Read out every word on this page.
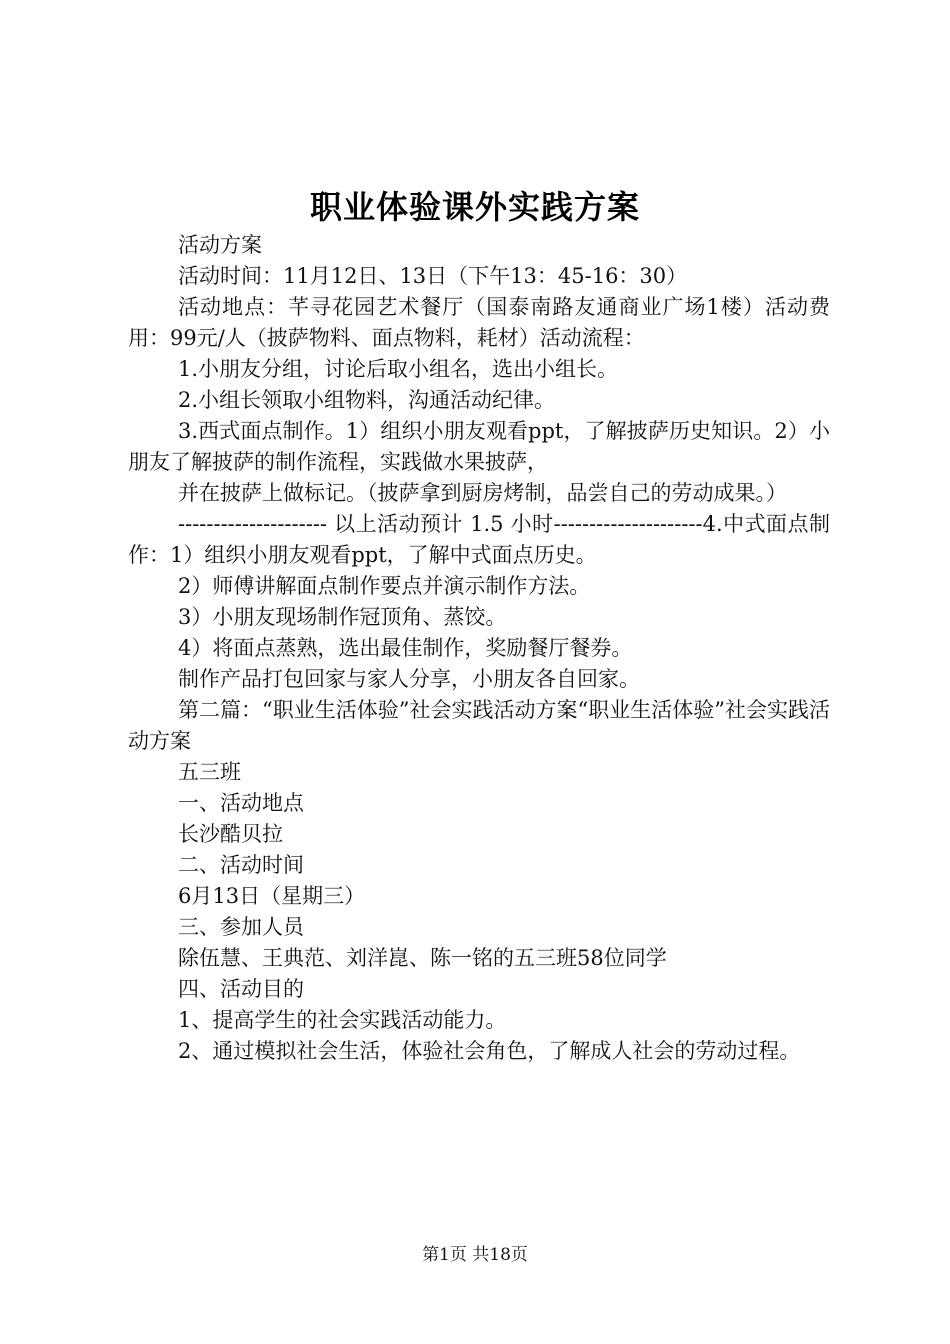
职业体验课外实践方案

活动方案

活动时间：11月12日、13日（下午13：45-16：30）

活动地点：芊寻花园艺术餐厅（国泰南路友通商业广场1楼）活动费用：99元/人（披萨物料、面点物料，耗材）活动流程：

1.小朋友分组，讨论后取小组名，选出小组长。

2.小组长领取小组物料，沟通活动纪律。

3.西式面点制作。1）组织小朋友观看ppt，了解披萨历史知识。2）小朋友了解披萨的制作流程，实践做水果披萨，

并在披萨上做标记。（披萨拿到厨房烤制，品尝自己的劳动成果。）

--------------------- 以上活动预计 1.5 小时---------------------4.中式面点制作：1）组织小朋友观看ppt，了解中式面点历史。

2）师傅讲解面点制作要点并演示制作方法。

3）小朋友现场制作冠顶角、蒸饺。

4）将面点蒸熟，选出最佳制作，奖励餐厅餐券。

制作产品打包回家与家人分享，小朋友各自回家。

第二篇：“职业生活体验”社会实践活动方案“职业生活体验”社会实践活动方案

五三班

一、活动地点

长沙酷贝拉

二、活动时间

6月13日（星期三）

三、参加人员

除伍慧、王典范、刘洋崑、陈一铭的五三班58位同学

四、活动目的

1、提高学生的社会实践活动能力。

2、通过模拟社会生活，体验社会角色，了解成人社会的劳动过程。

第1页 共18页
